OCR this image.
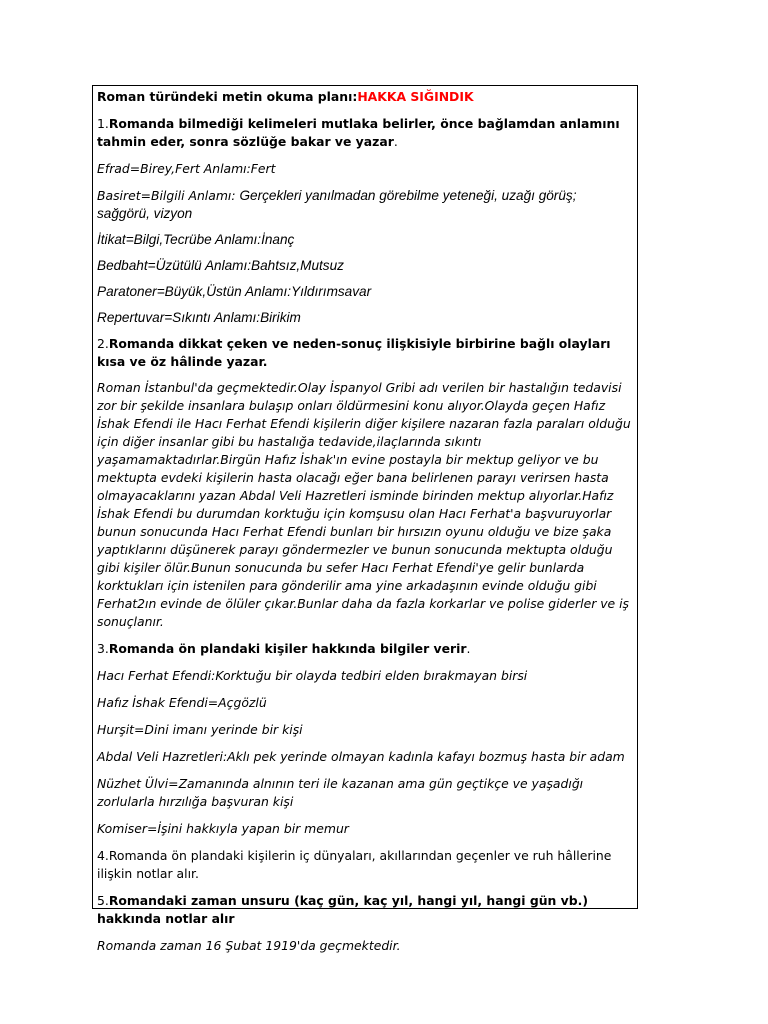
Roman türündeki metin okuma planı:HAKKA SIĞINDIK

1.Romanda bilmediği kelimeleri mutlaka belirler, önce bağlamdan anlamını tahmin eder, sonra sözlüğe bakar ve yazar.

Efrad=Birey,Fert Anlamı:Fert

Basiret=Bilgili Anlamı: Gerçekleri yanılmadan görebilme yeteneği, uzağı görüş; sağgörü, vizyon

İtikat=Bilgi,Tecrübe Anlamı:İnanç

Bedbaht=Üzütülü Anlamı:Bahtsız,Mutsuz

Paratoner=Büyük,Üstün Anlamı:Yıldırımsavar

Repertuvar=Sıkıntı Anlamı:Birikim

2.Romanda dikkat çeken ve neden-sonuç ilişkisiyle birbirine bağlı olayları kısa ve öz hâlinde yazar.

Roman İstanbul'da geçmektedir.Olay İspanyol Gribi adı verilen bir hastalığın tedavisi zor bir şekilde insanlara bulaşıp onları öldürmesini konu alıyor.Olayda geçen Hafız İshak Efendi ile Hacı Ferhat Efendi kişilerin diğer kişilere nazaran fazla paraları olduğu için diğer insanlar gibi bu hastalığa tedavide,ilaçlarında sıkıntı yaşamamaktadırlar.Birgün Hafız İshak'ın evine postayla bir mektup geliyor ve bu mektupta evdeki kişilerin hasta olacağı eğer bana belirlenen parayı verirsen hasta olmayacaklarını yazan Abdal Veli Hazretleri isminde birinden mektup alıyorlar.Hafız İshak Efendi bu durumdan korktuğu için komşusu olan Hacı Ferhat'a başvuruyorlar bunun sonucunda Hacı Ferhat Efendi bunları bir hırsızın oyunu olduğu ve bize şaka yaptıklarını düşünerek parayı göndermezler ve bunun sonucunda mektupta olduğu gibi kişiler ölür.Bunun sonucunda bu sefer Hacı Ferhat Efendi'ye gelir bunlarda korktukları için istenilen para gönderilir ama yine arkadaşının evinde olduğu gibi Ferhat2ın evinde de ölüler çıkar.Bunlar daha da fazla korkarlar ve polise giderler ve iş sonuçlanır.

3.Romanda ön plandaki kişiler hakkında bilgiler verir.

Hacı Ferhat Efendi:Korktuğu bir olayda tedbiri elden bırakmayan birsi

Hafız İshak Efendi=Açgözlü

Hurşit=Dini imanı yerinde bir kişi

Abdal Veli Hazretleri:Aklı pek yerinde olmayan kadınla kafayı bozmuş hasta bir adam

Nüzhet Ülvi=Zamanında alnının teri ile kazanan ama gün geçtikçe ve yaşadığı zorlularla hırzılığa başvuran kişi

Komiser=İşini hakkıyla yapan bir memur

4.Romanda ön plandaki kişilerin iç dünyaları, akıllarından geçenler ve ruh hâllerine ilişkin notlar alır.

5.Romandaki zaman unsuru (kaç gün, kaç yıl, hangi yıl, hangi gün vb.) hakkında notlar alır

Romanda zaman 16 Şubat 1919'da geçmektedir.
